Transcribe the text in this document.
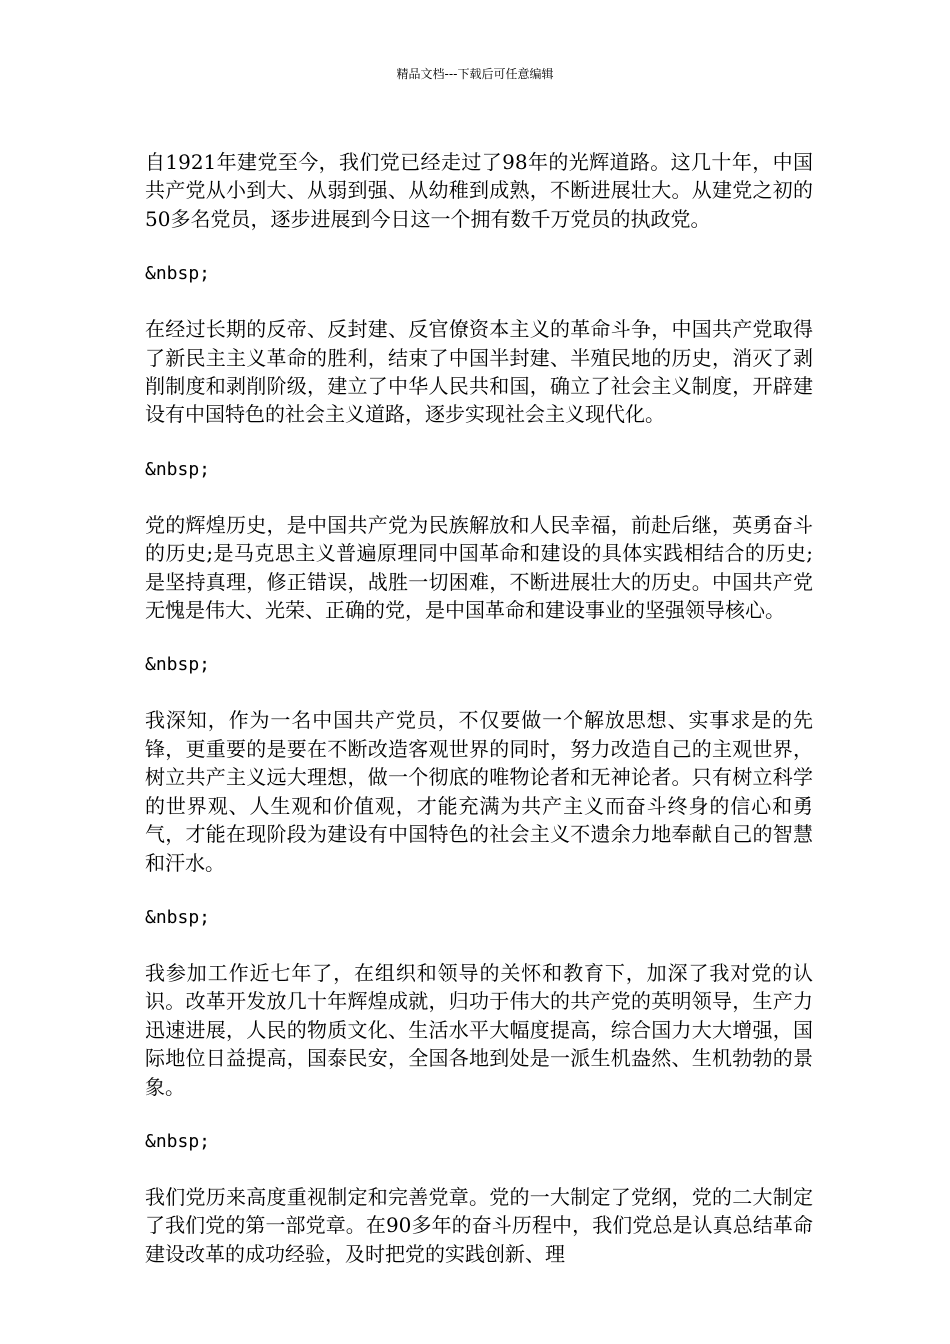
精品文档---下载后可任意编辑

自1921年建党至今，我们党已经走过了98年的光辉道路。这几十年，中国共产党从小到大、从弱到强、从幼稚到成熟，不断进展壮大。从建党之初的50多名党员，逐步进展到今日这一个拥有数千万党员的执政党。

&nbsp;

在经过长期的反帝、反封建、反官僚资本主义的革命斗争，中国共产党取得了新民主主义革命的胜利，结束了中国半封建、半殖民地的历史，消灭了剥削制度和剥削阶级，建立了中华人民共和国，确立了社会主义制度，开辟建设有中国特色的社会主义道路，逐步实现社会主义现代化。

&nbsp;

党的辉煌历史，是中国共产党为民族解放和人民幸福，前赴后继，英勇奋斗的历史;是马克思主义普遍原理同中国革命和建设的具体实践相结合的历史;是坚持真理，修正错误，战胜一切困难，不断进展壮大的历史。中国共产党无愧是伟大、光荣、正确的党，是中国革命和建设事业的坚强领导核心。

&nbsp;

我深知，作为一名中国共产党员，不仅要做一个解放思想、实事求是的先锋，更重要的是要在不断改造客观世界的同时，努力改造自己的主观世界，树立共产主义远大理想，做一个彻底的唯物论者和无神论者。只有树立科学的世界观、人生观和价值观，才能充满为共产主义而奋斗终身的信心和勇气，才能在现阶段为建设有中国特色的社会主义不遗余力地奉献自己的智慧和汗水。

&nbsp;

我参加工作近七年了，在组织和领导的关怀和教育下，加深了我对党的认识。改革开发放几十年辉煌成就，归功于伟大的共产党的英明领导，生产力迅速进展，人民的物质文化、生活水平大幅度提高，综合国力大大增强，国际地位日益提高，国泰民安，全国各地到处是一派生机盎然、生机勃勃的景象。

&nbsp;

我们党历来高度重视制定和完善党章。党的一大制定了党纲，党的二大制定了我们党的第一部党章。在90多年的奋斗历程中，我们党总是认真总结革命建设改革的成功经验，及时把党的实践创新、理
